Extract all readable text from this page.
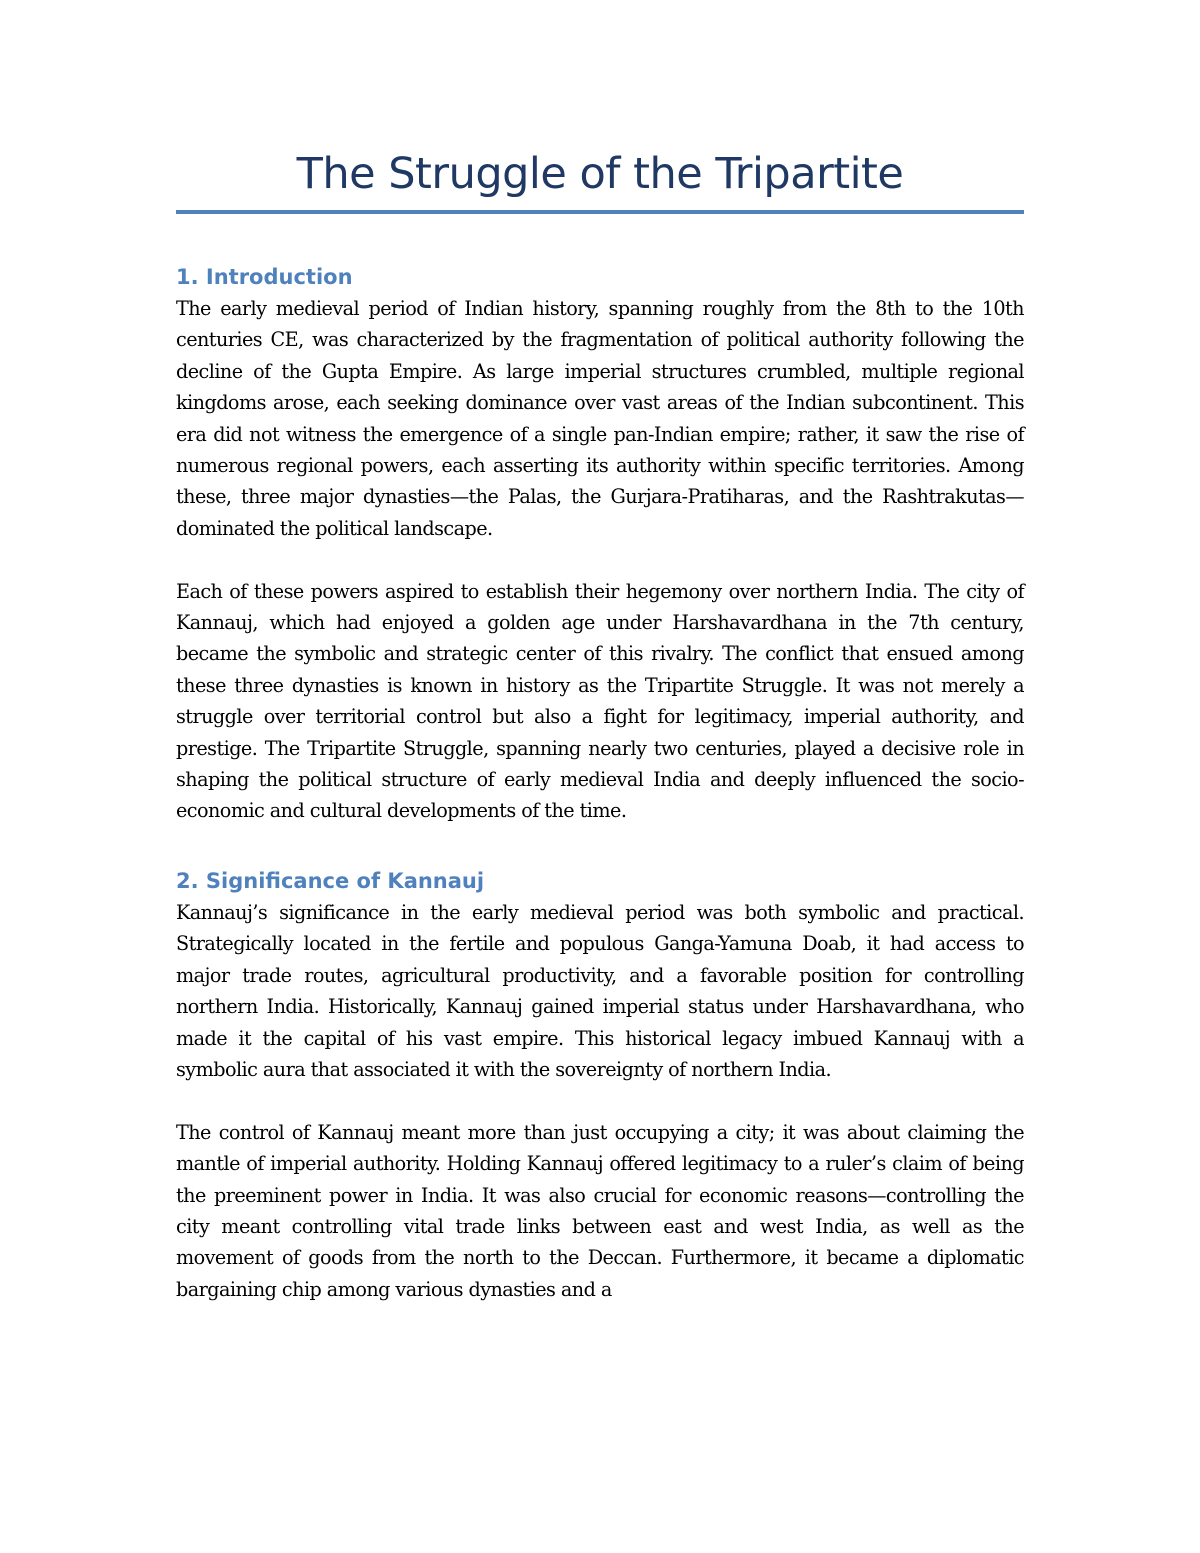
The Struggle of the Tripartite
1. Introduction

The early medieval period of Indian history, spanning roughly from the 8th to the 10th centuries CE, was characterized by the fragmentation of political authority following the decline of the Gupta Empire. As large imperial structures crumbled, multiple regional kingdoms arose, each seeking dominance over vast areas of the Indian subcontinent. This era did not witness the emergence of a single pan-Indian empire; rather, it saw the rise of numerous regional powers, each asserting its authority within specific territories. Among these, three major dynasties—the Palas, the Gurjara-Pratiharas, and the Rashtrakutas—dominated the political landscape.

Each of these powers aspired to establish their hegemony over northern India. The city of Kannauj, which had enjoyed a golden age under Harshavardhana in the 7th century, became the symbolic and strategic center of this rivalry. The conflict that ensued among these three dynasties is known in history as the Tripartite Struggle. It was not merely a struggle over territorial control but also a fight for legitimacy, imperial authority, and prestige. The Tripartite Struggle, spanning nearly two centuries, played a decisive role in shaping the political structure of early medieval India and deeply influenced the socio-economic and cultural developments of the time.

2. Significance of Kannauj

Kannauj’s significance in the early medieval period was both symbolic and practical. Strategically located in the fertile and populous Ganga-Yamuna Doab, it had access to major trade routes, agricultural productivity, and a favorable position for controlling northern India. Historically, Kannauj gained imperial status under Harshavardhana, who made it the capital of his vast empire. This historical legacy imbued Kannauj with a symbolic aura that associated it with the sovereignty of northern India.

The control of Kannauj meant more than just occupying a city; it was about claiming the mantle of imperial authority. Holding Kannauj offered legitimacy to a ruler’s claim of being the preeminent power in India. It was also crucial for economic reasons—controlling the city meant controlling vital trade links between east and west India, as well as the movement of goods from the north to the Deccan. Furthermore, it became a diplomatic bargaining chip among various dynasties and a
